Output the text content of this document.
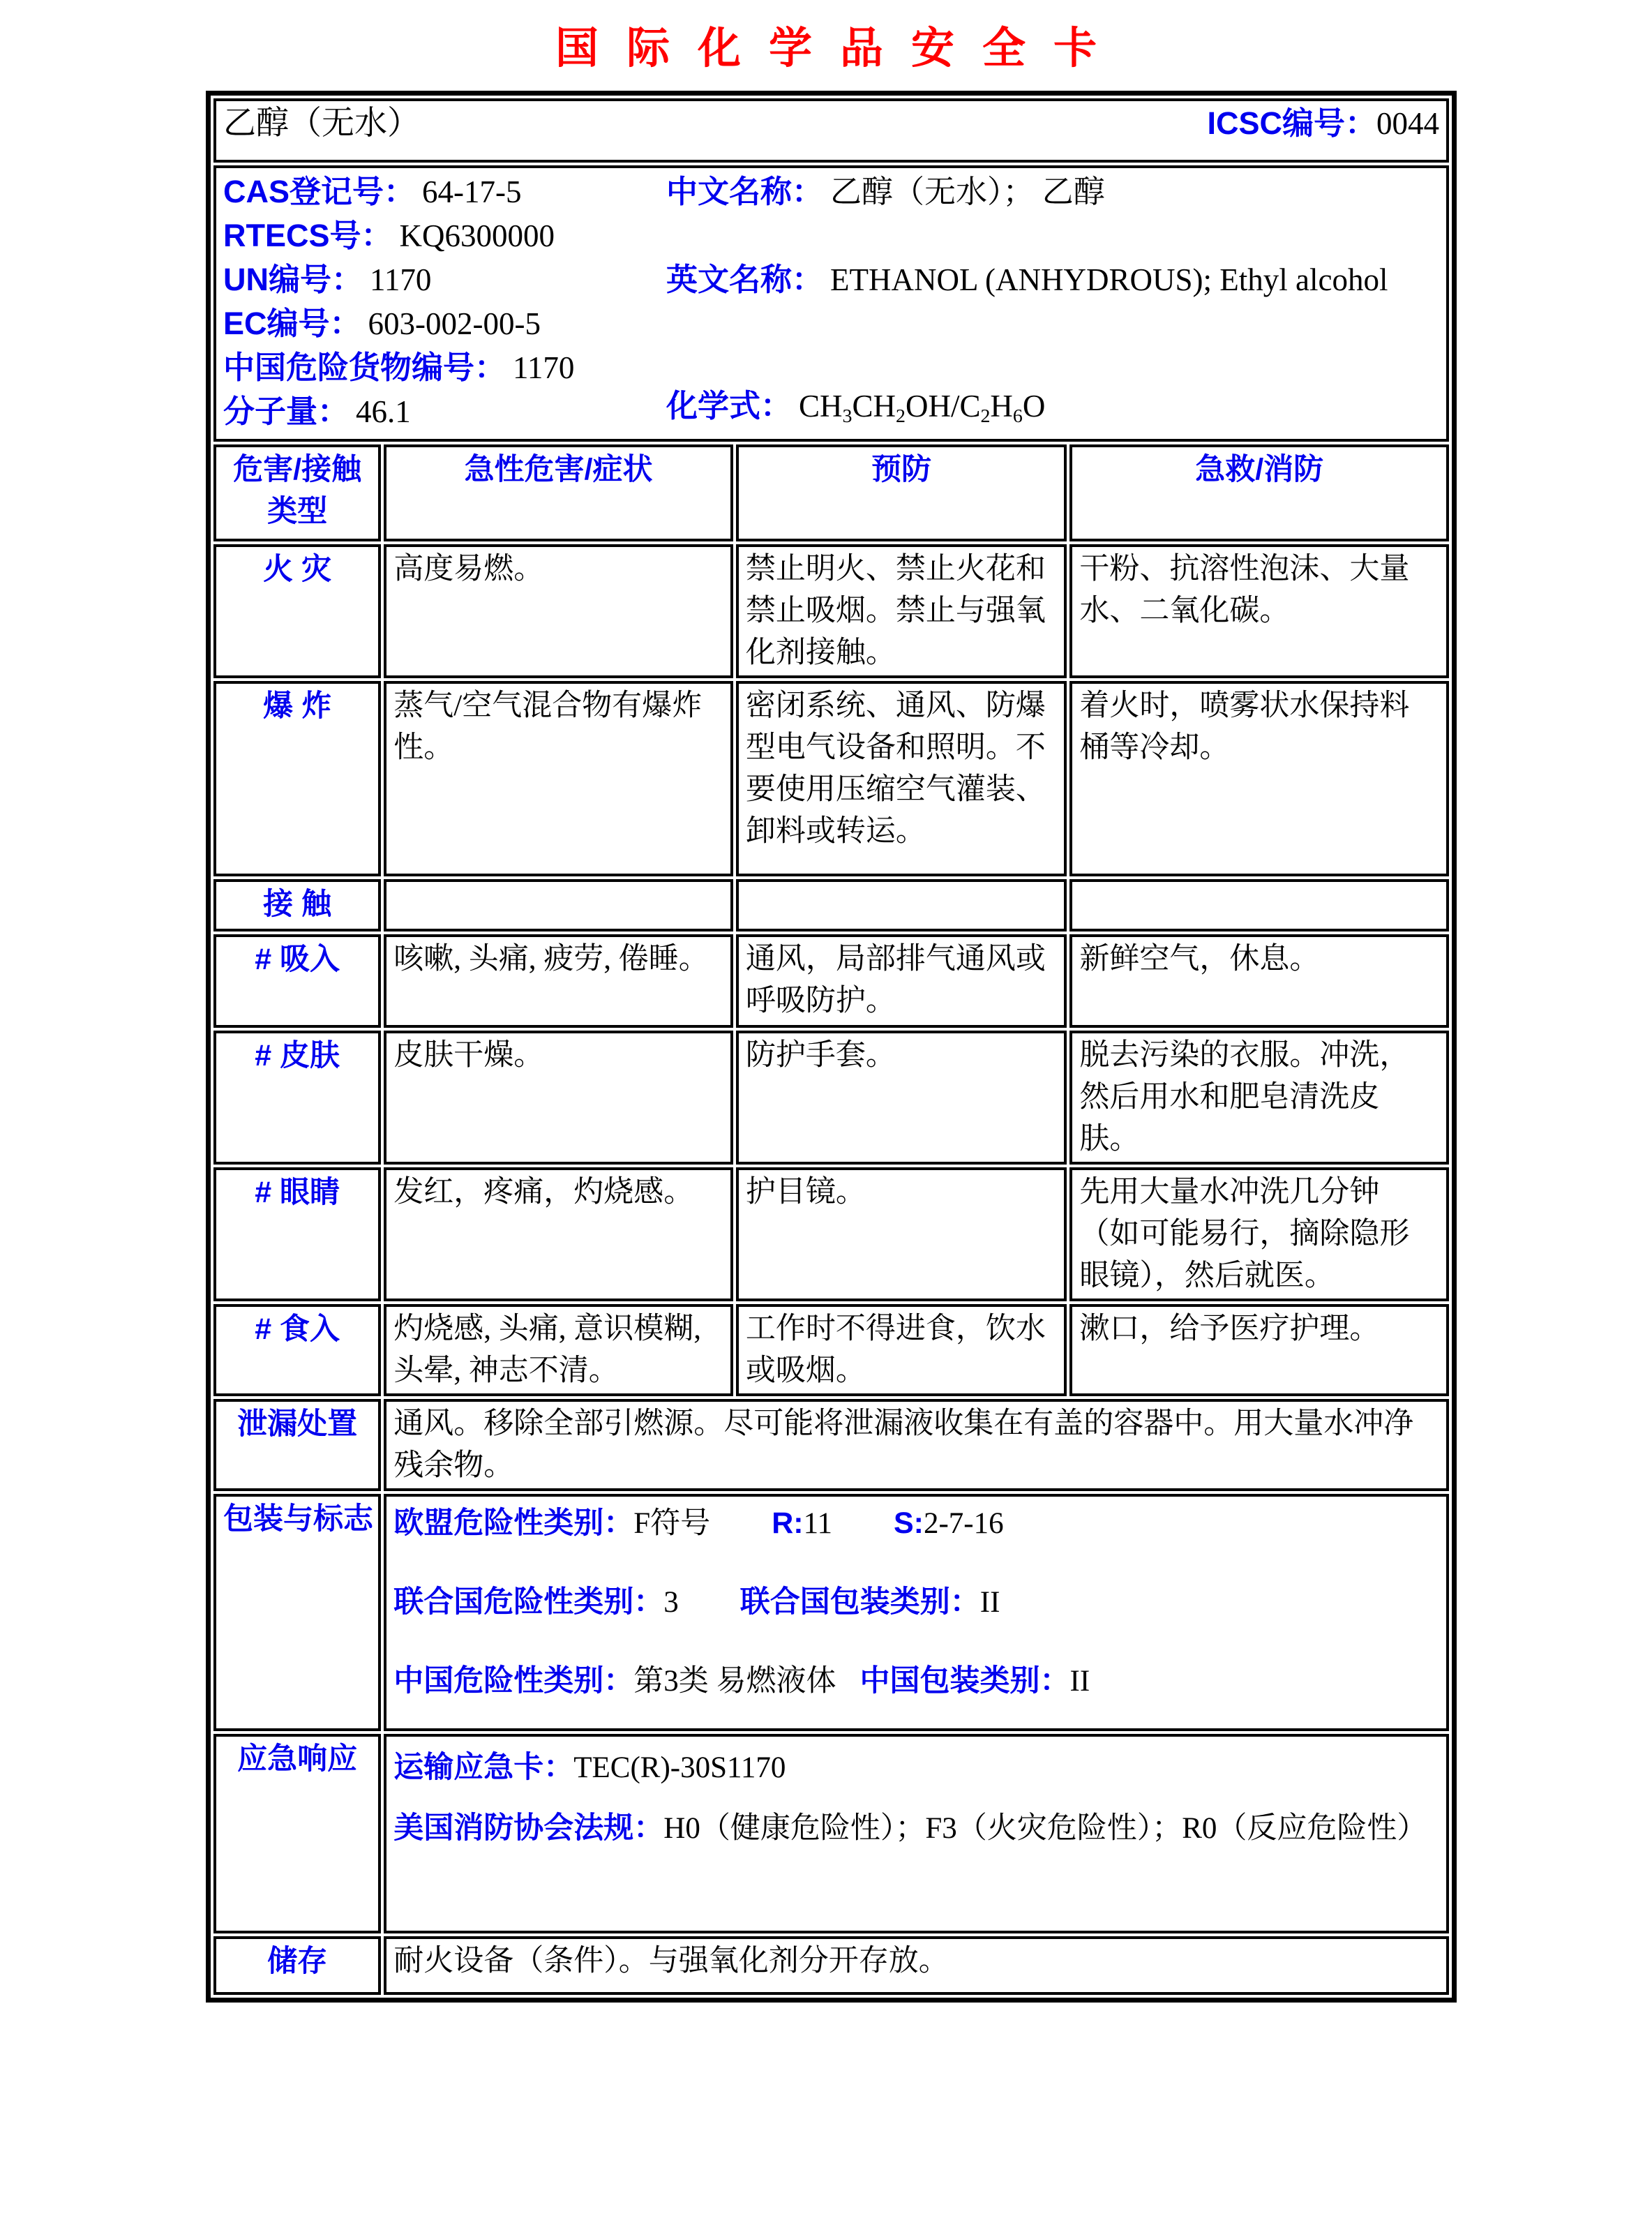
国际化学品安全卡
乙醇（无水） ICSC编号：0044			

CAS登记号： 64-17-5
RTECS号： KQ6300000
UN编号： 1170
EC编号： 603-002-00-5
中国危险货物编号： 1170
分子量： 46.1
中文名称： 乙醇（无水）； 乙醇
英文名称： ETHANOL (ANHYDROUS); Ethyl alcohol
化学式： $CH_3CH_2OH/C_2H_6O$

危害/接触类型	急性危害/症状	预防	急救/消防
火 灾	高度易燃。	禁止明火、禁止火花和禁止吸烟。禁止与强氧化剂接触。	干粉、抗溶性泡沫、大量水、二氧化碳。
爆 炸	蒸气/空气混合物有爆炸性。	密闭系统、通风、防爆型电气设备和照明。不要使用压缩空气灌装、卸料或转运。	着火时，喷雾状水保持料桶等冷却。
接 触			
# 吸入	咳嗽, 头痛, 疲劳, 倦睡。	通风，局部排气通风或呼吸防护。	新鲜空气，休息。
# 皮肤	皮肤干燥。	防护手套。	脱去污染的衣服。冲洗，然后用水和肥皂清洗皮肤。
# 眼睛	发红，疼痛，灼烧感。	护目镜。	先用大量水冲洗几分钟（如可能易行，摘除隐形眼镜），然后就医。
# 食入	灼烧感, 头痛, 意识模糊, 头晕, 神志不清。	工作时不得进食，饮水或吸烟。	漱口，给予医疗护理。
泄漏处置	通风。移除全部引燃源。尽可能将泄漏液收集在有盖的容器中。用大量水冲净残余物。		
包装与标志	欧盟危险性类别：F符号 R:11 S:2-7-16
联合国危险性类别：3 联合国包装类别：II
中国危险性类别：第3类 易燃液体 中国包装类别：II		

应急响应	运输应急卡：TEC(R)-30S1170
美国消防协会法规：H0（健康危险性）；F3（火灾危险性）；R0（反应危险性）		

储存	耐火设备（条件）。与强氧化剂分开存放。		
